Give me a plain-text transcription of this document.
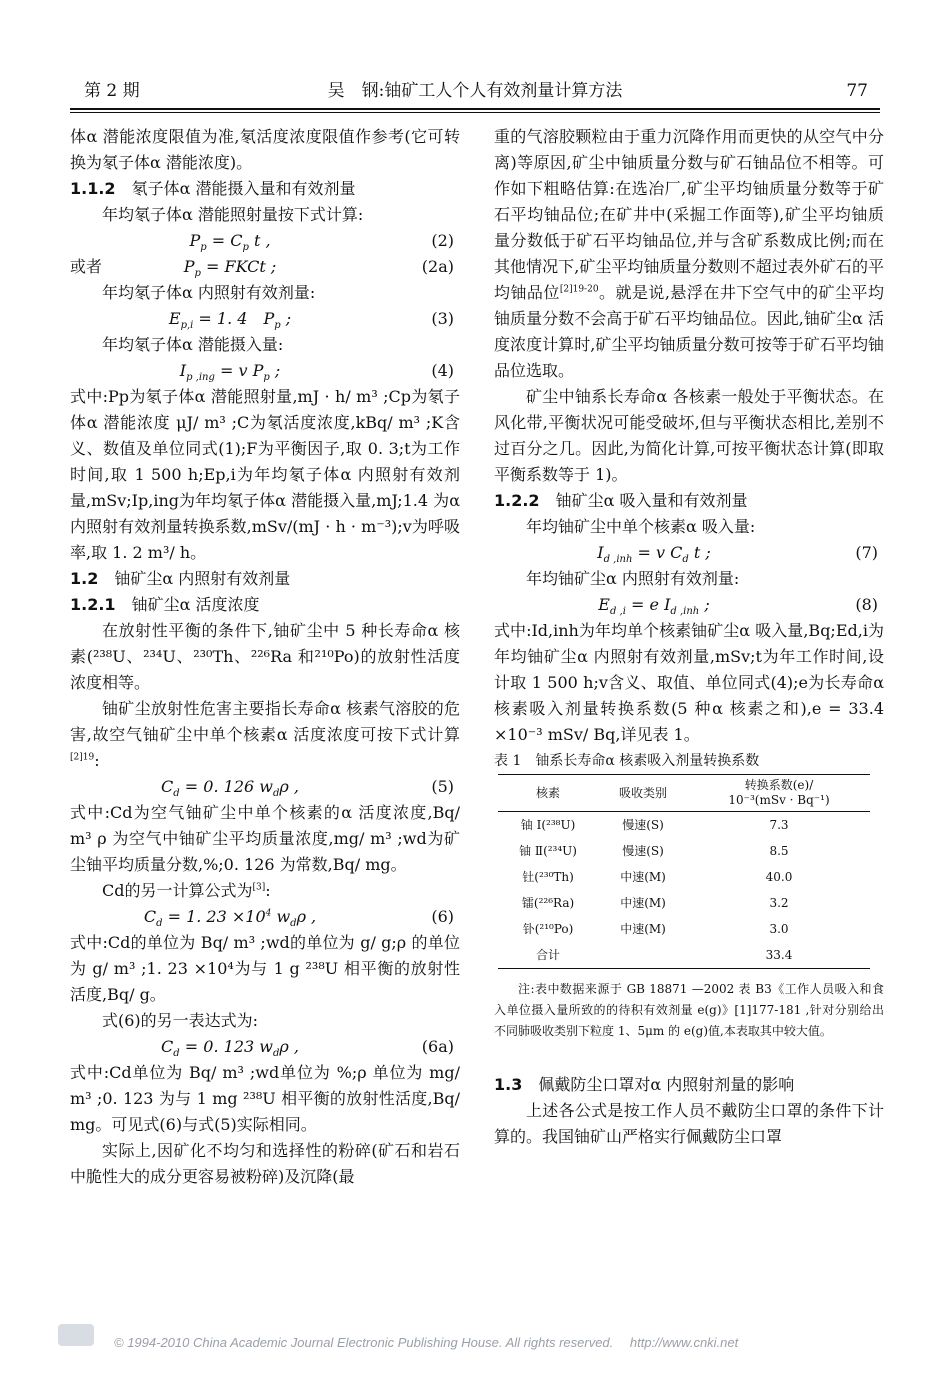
第 2 期	吴　钢:铀矿工人个人有效剂量计算方法	77

体α 潜能浓度限值为准,氡活度浓度限值作参考(它可转换为氡子体α 潜能浓度)。

1.1.2 氡子体α 潜能摄入量和有效剂量

年均氡子体α 潜能照射量按下式计算:

$P_p = C_p$ t ,	(2)
或者	$P_p$ = FKCt ;	(2a)

年均氡子体α 内照射有效剂量:

$E_{p,i} = 1$. 4　$P_p$ ;	(3)

年均氡子体α 潜能摄入量:

$I_{p ,ing} = v$ $P_p$ ;	(4)

式中:Pp为氡子体α 潜能照射量,mJ · h/ m³ ;Cp为氡子体α 潜能浓度 μJ/ m³ ;C为氡活度浓度,kBq/ m³ ;K含义、数值及单位同式(1);F为平衡因子,取 0. 3;t为工作时间,取 1 500 h;Ep,i为年均氡子体α 内照射有效剂量,mSv;Ip,ing为年均氡子体α 潜能摄入量,mJ;1.4 为α 内照射有效剂量转换系数,mSv/(mJ · h · m⁻³);v为呼吸率,取 1. 2 m³/ h。

1.2 铀矿尘α 内照射有效剂量

1.2.1 铀矿尘α 活度浓度

在放射性平衡的条件下,铀矿尘中 5 种长寿命α 核素(²³⁸U、²³⁴U、²³⁰Th、²²⁶Ra 和²¹⁰Po)的放射性活度浓度相等。

铀矿尘放射性危害主要指长寿命α 核素气溶胶的危害,故空气铀矿尘中单个核素α 活度浓度可按下式计算$^{[2]19}$:

$C_d = 0$. 126 $w_d\rho$ ,	(5)

式中:Cd为空气铀矿尘中单个核素的α 活度浓度,Bq/ m³ ρ 为空气中铀矿尘平均质量浓度,mg/ m³ ;wd为矿尘铀平均质量分数,%;0. 126 为常数,Bq/ mg。

Cd的另一计算公式为[3]:

$C_d = 1$. $23 \times 10^4$ $w_d\rho$ ,	(6)

式中:Cd的单位为 Bq/ m³ ;wd的单位为 g/ g;ρ 的单位为 g/ m³ ;1. 23 ×10⁴为与 1 g ²³⁸U 相平衡的放射性活度,Bq/ g。

式(6)的另一表达式为:

$C_d = 0$. 123 $w_d\rho$ ,	(6a)

式中:Cd单位为 Bq/ m³ ;wd单位为 %;ρ 单位为 mg/ m³ ;0. 123 为与 1 mg ²³⁸U 相平衡的放射性活度,Bq/ mg。可见式(6)与式(5)实际相同。

实际上,因矿化不均匀和选择性的粉碎(矿石和岩石中脆性大的成分更容易被粉碎)及沉降(最

重的气溶胶颗粒由于重力沉降作用而更快的从空气中分离)等原因,矿尘中铀质量分数与矿石铀品位不相等。可作如下粗略估算:在选冶厂,矿尘平均铀质量分数等于矿石平均铀品位;在矿井中(采掘工作面等),矿尘平均铀质量分数低于矿石平均铀品位,并与含矿系数成比例;而在其他情况下,矿尘平均铀质量分数则不超过表外矿石的平均铀品位$^{[2]19-20}$。就是说,悬浮在井下空气中的矿尘平均铀质量分数不会高于矿石平均铀品位。因此,铀矿尘α 活度浓度计算时,矿尘平均铀质量分数可按等于矿石平均铀品位选取。

矿尘中铀系长寿命α 各核素一般处于平衡状态。在风化带,平衡状况可能受破坏,但与平衡状态相比,差别不过百分之几。因此,为简化计算,可按平衡状态计算(即取平衡系数等于 1)。

1.2.2 铀矿尘α 吸入量和有效剂量

年均铀矿尘中单个核素α 吸入量:

$I_{d ,inh} = v$ $C_d$ t ;	(7)

年均铀矿尘α 内照射有效剂量:

$E_{d ,i} = e$ $I_{d ,inh}$ ;	(8)

式中:Id,inh为年均单个核素铀矿尘α 吸入量,Bq;Ed,i为年均铀矿尘α 内照射有效剂量,mSv;t为年工作时间,设计取 1 500 h;v含义、取值、单位同式(4);e为长寿命α 核素吸入剂量转换系数(5 种α 核素之和),e = 33.4 ×10⁻³ mSv/ Bq,详见表 1。

表 1　铀系长寿命α 核素吸入剂量转换系数

核素	吸收类别	转换系数(e)/
10⁻³(mSv · Bq⁻¹)
铀 Ⅰ(²³⁸U)	慢速(S)	7.3
铀 Ⅱ(²³⁴U)	慢速(S)	8.5
钍(²³⁰Th)	中速(M)	40.0
镭(²²⁶Ra)	中速(M)	3.2
钋(²¹⁰Po)	中速(M)	3.0
合计		33.4

注:表中数据来源于 GB 18871 —2002 表 B3《工作人员吸入和食入单位摄入量所致的的待积有效剂量 e(g)》[1]177-181 ,针对分别给出不同肺吸收类别下粒度 1、5μm 的 e(g)值,本表取其中较大值。

1.3 佩戴防尘口罩对α 内照射剂量的影响

上述各公式是按工作人员不戴防尘口罩的条件下计算的。我国铀矿山严格实行佩戴防尘口罩

© 1994-2010 China Academic Journal Electronic Publishing House. All rights reserved.　 http://www.cnki.net
